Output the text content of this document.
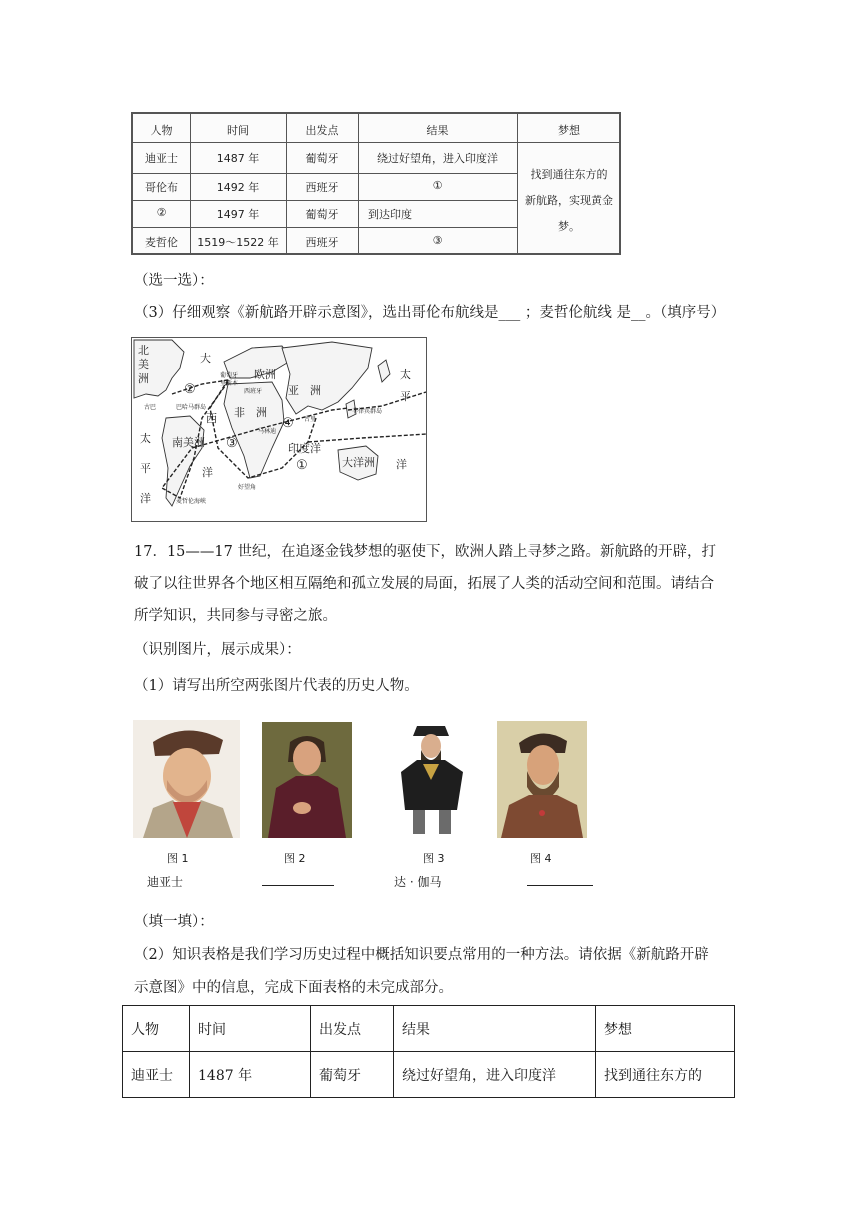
人物	时间	出发点	结果	梦想
迪亚士	1487 年	葡萄牙	绕过好望角，进入印度洋
哥伦布	1492 年	西班牙	①
②	1497 年	葡萄牙	到达印度
麦哲伦	1519～1522 年	西班牙	③
找到通往东方的
新航路，实现黄金
梦。
（选一选）：
（3）仔细观察《新航路开辟示意图》，选出哥伦布航线是___ ；麦哲伦航线 是__。（填序号）
北
美
洲
大
欧洲
亚　洲
太
平
非　洲
西
南美洲
太
平
洋
洋
印度洋
大洋洲 洋
葡萄牙
里斯本
西班牙
古巴	巴哈马群岛
马林迪
古里
菲律宾群岛
好望角
麦哲伦海峡
①
②
③
④
17．15——17 世纪，在追逐金钱梦想的驱使下，欧洲人踏上寻梦之路。新航路的开辟，打
破了以往世界各个地区相互隔绝和孤立发展的局面，拓展了人类的活动空间和范围。请结合
所学知识，共同参与寻密之旅。
（识别图片，展示成果）：
（1）请写出所空两张图片代表的历史人物。
图 1	图 2	图 3	图 4
迪亚士	达 · 伽马
（填一填）：
（2）知识表格是我们学习历史过程中概括知识要点常用的一种方法。请依据《新航路开辟
示意图》中的信息，完成下面表格的未完成部分。
人物	时间	出发点	结果	梦想
迪亚士	1487 年	葡萄牙	绕过好望角，进入印度洋	找到通往东方的
